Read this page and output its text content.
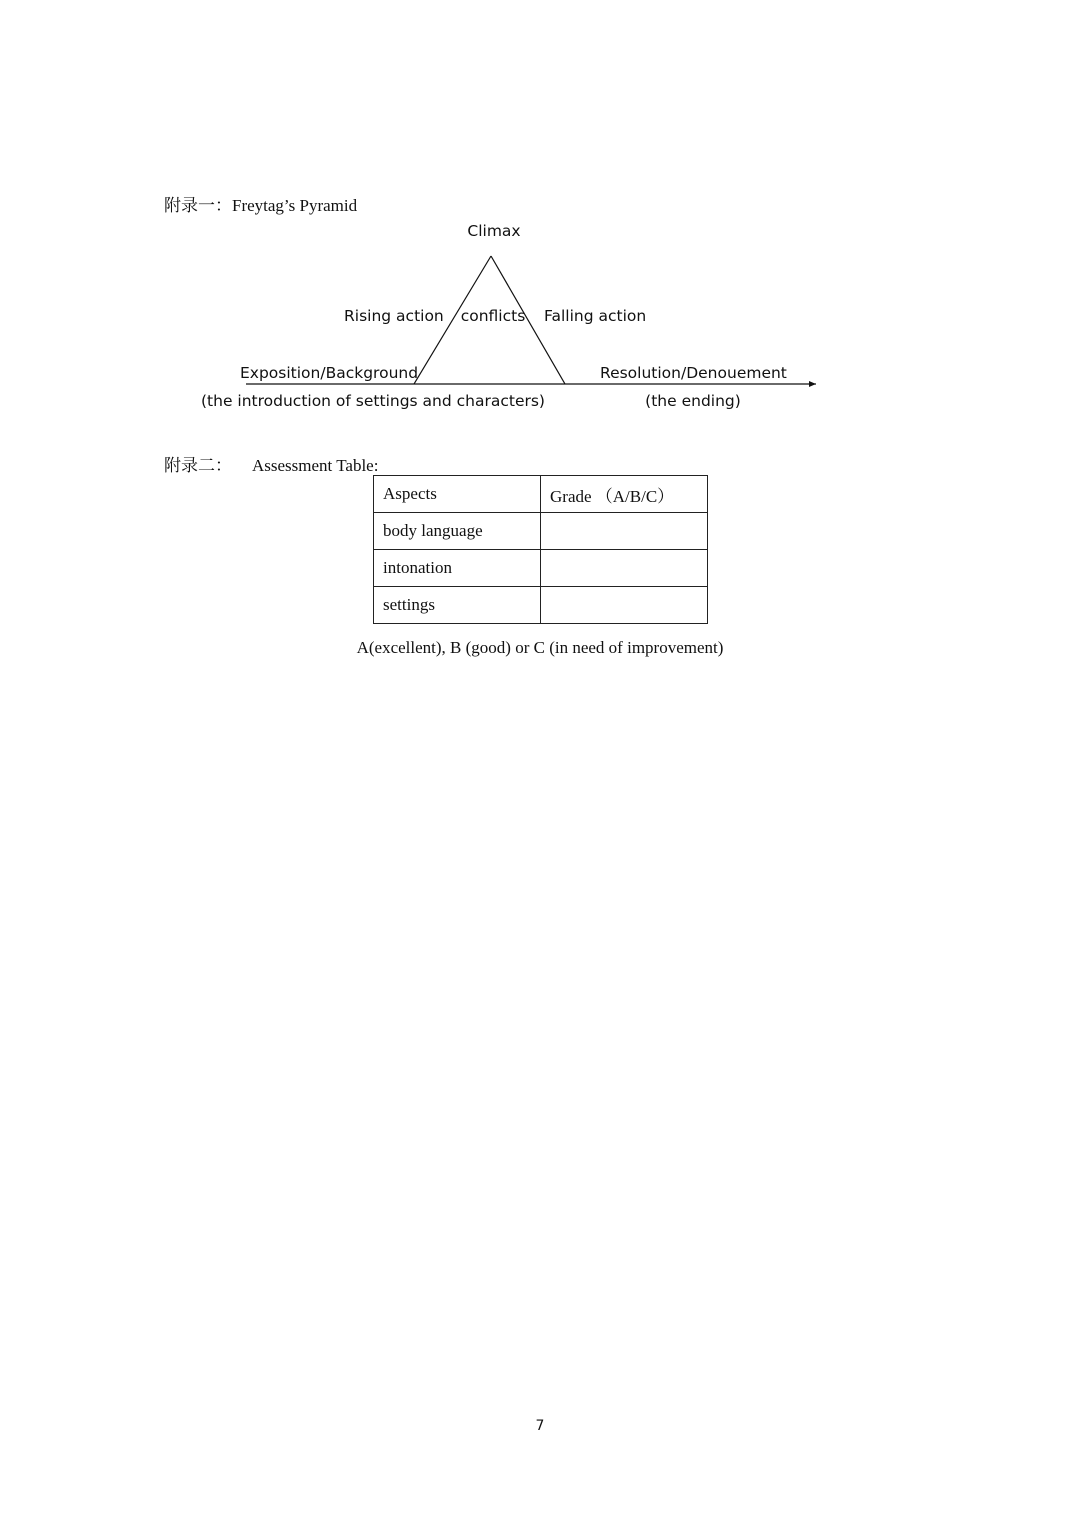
附录一：Freytag’s Pyramid
Climax
Rising action conflicts Falling action
Exposition/Background
(the introduction of settings and characters)
Resolution/Denouement
(the ending)
附录二： Assessment Table:
Aspects	Grade （A/B/C）
body language	
intonation	
settings	
A(excellent), B (good) or C (in need of improvement)
7
